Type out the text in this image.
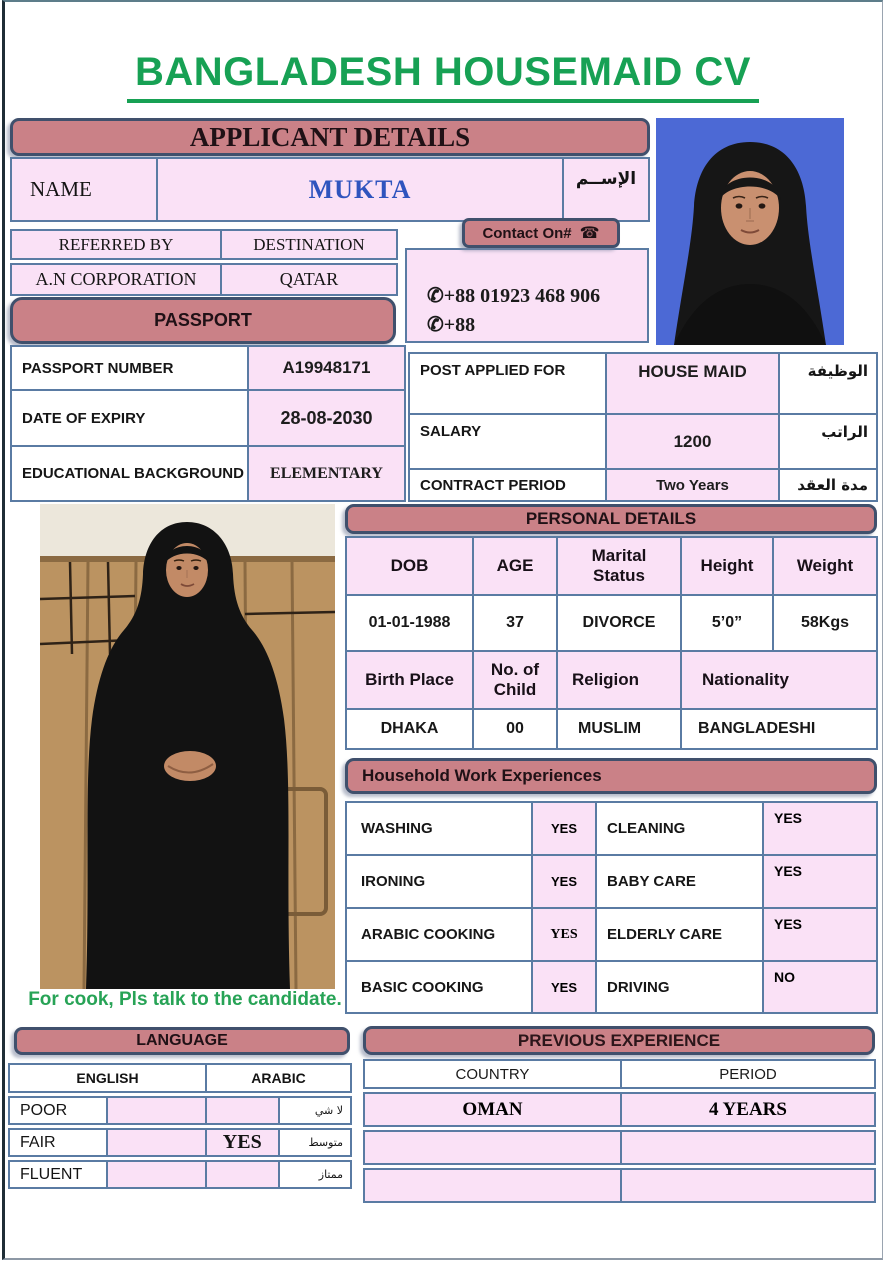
BANGLADESH HOUSEMAID CV
APPLICANT DETAILS
NAME	MUKTA	الإســم
REFERRED BY	DESTINATION
A.N CORPORATION	QATAR
✆+88 01923 468 906
✆+88
Contact On# ☎
PASSPORT
PASSPORT NUMBER	A19948171
DATE OF EXPIRY	28-08-2030
EDUCATIONAL BACKGROUND	ELEMENTARY
POST APPLIED FOR	HOUSE MAID	الوظيفة
SALARY	1200	الراتب
CONTRACT PERIOD	Two Years	مدة العقد
PERSONAL DETAILS
DOB	AGE	Marital Status	Height	Weight
01-01-1988	37	DIVORCE	5’0”	58Kgs
Birth Place	No. of Child	Religion	Nationality	
DHAKA	00	MUSLIM	BANGLADESHI	
Household Work Experiences
WASHING	YES	CLEANING	YES
IRONING	YES	BABY CARE	YES
ARABIC COOKING	YES	ELDERLY CARE	YES
BASIC COOKING	YES	DRIVING	NO
For cook, Pls talk to the candidate.
LANGUAGE
ENGLISH		ARABIC	
POOR			لا شي
FAIR		YES	متوسط
FLUENT			ممتاز
PREVIOUS EXPERIENCE
COUNTRY	PERIOD
OMAN	4 YEARS
